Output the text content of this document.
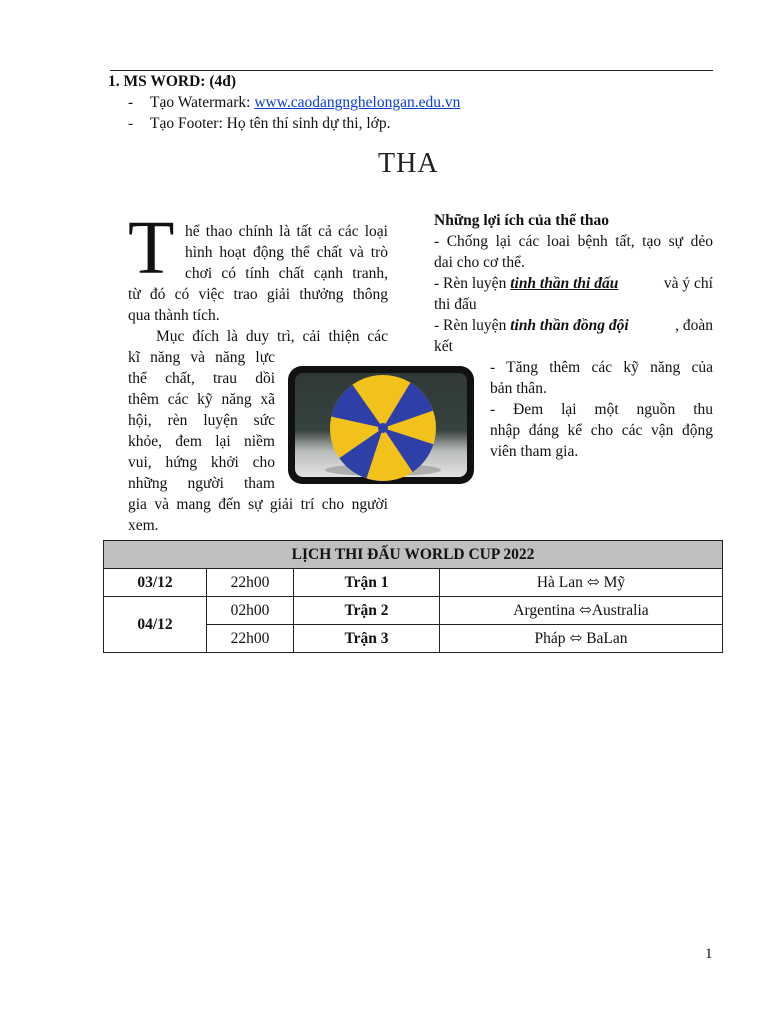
1. MS WORD: (4đ)
- Tạo Watermark: www.caodangnghelongan.edu.vn
- Tạo Footer: Họ tên thí sinh dự thi, lớp.
THA
T hể thao chính là tất cả các loại
hình hoạt động thể chất và trò
chơi có tính chất cạnh tranh,
từ đó có việc trao giải thưởng thông
qua thành tích.
Mục đích là duy trì, cải thiện các
kĩ năng và năng lực
thể chất, trau dồi
thêm các kỹ năng xã
hội, rèn luyện sức
khỏe, đem lại niềm
vui, hứng khởi cho
những người tham
gia và mang đến sự giải trí cho người
xem.
Những lợi ích của thể thao
- Chống lại các loai bệnh tất, tạo sự dẻo
dai cho cơ thể.
- Rèn luyện tinh thần thi đấu	và ý chí
thi đấu
- Rèn luyện tinh thần đồng đội	, đoàn
kết
- Tăng thêm các kỹ năng của
bản thân.
- Đem lại một nguồn thu
nhập đáng kể cho các vận động
viên tham gia.
LỊCH THI ĐẤU WORLD CUP 2022			
03/12	22h00	Trận 1	Hà Lan ⬄ Mỹ
04/12	02h00	Trận 2	Argentina ⬄Australia
	22h00	Trận 3	Pháp ⬄ BaLan
1
